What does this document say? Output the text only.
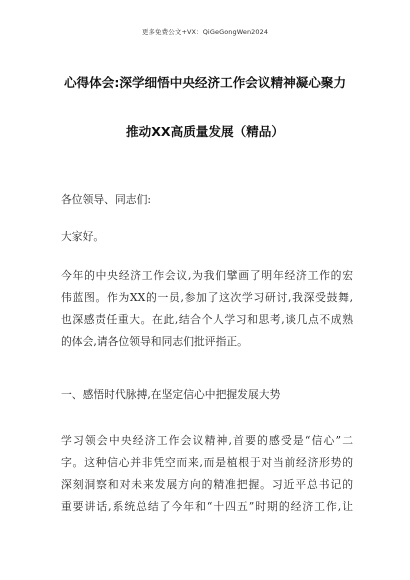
更多免费公文+VX：QiGeGongWen2024
心得体会:深学细悟中央经济工作会议精神凝心聚力
推动XX高质量发展（精品）
各位领导、同志们:
大家好。
今年的中央经济工作会议,为我们擘画了明年经济工作的宏
伟蓝图。作为XX的一员,参加了这次学习研讨,我深受鼓舞,
也深感责任重大。在此,结合个人学习和思考,谈几点不成熟
的体会,请各位领导和同志们批评指正。
一、感悟时代脉搏,在坚定信心中把握发展大势
学习领会中央经济工作会议精神,首要的感受是“信心”二
字。这种信心并非凭空而来,而是植根于对当前经济形势的
深刻洞察和对未来发展方向的精准把握。习近平总书记的
重要讲话,系统总结了今年和“十四五”时期的经济工作,让
